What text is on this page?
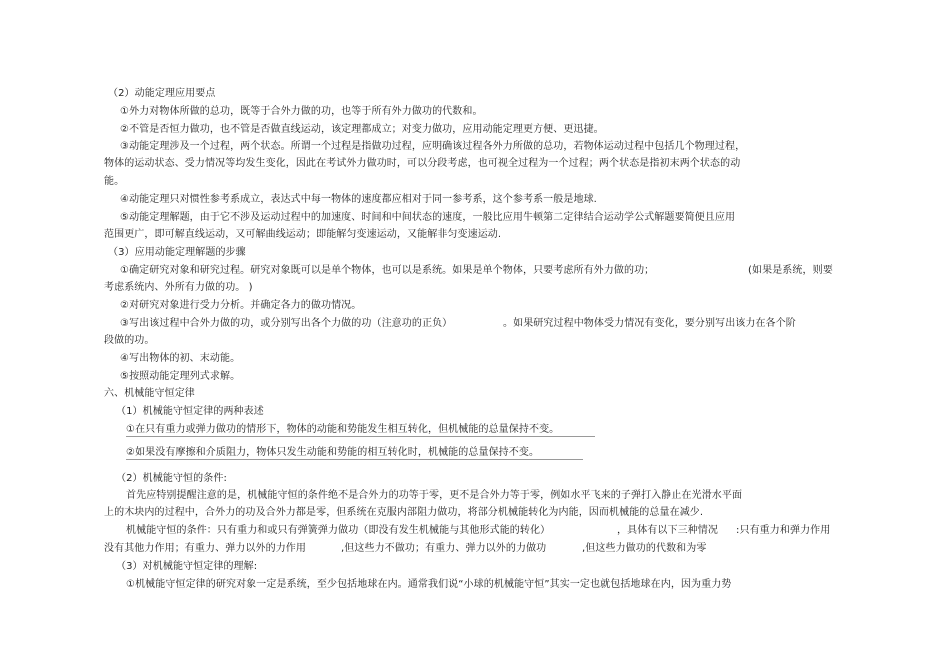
（2）动能定理应用要点
①外力对物体所做的总功，既等于合外力做的功，也等于所有外力做功的代数和。
②不管是否恒力做功，也不管是否做直线运动，该定理都成立；对变力做功，应用动能定理更方便、更迅捷。
③动能定理涉及一个过程，两个状态。所谓一个过程是指做功过程，应明确该过程各外力所做的总功，若物体运动过程中包括几个物理过程，
物体的运动状态、受力情况等均发生变化，因此在考试外力做功时，可以分段考虑，也可视全过程为一个过程；两个状态是指初末两个状态的动
能。
④动能定理只对惯性参考系成立，表达式中每一物体的速度都应相对于同一参考系，这个参考系一般是地球.
⑤动能定理解题，由于它不涉及运动过程中的加速度、时间和中间状态的速度，一般比应用牛顿第二定律结合运动学公式解题要简便且应用
范围更广，即可解直线运动，又可解曲线运动；即能解匀变速运动，又能解非匀变速运动.
（3）应用动能定理解题的步骤
①确定研究对象和研究过程。研究对象既可以是单个物体，也可以是系统。如果是单个物体，只要考虑所有外力做的功；	(如果是系统，则要
考虑系统内、外所有力做的功。 )
②对研究对象进行受力分析。并确定各力的做功情况。
③写出该过程中合外力做的功，或分别写出各个力做的功（注意功的正负）	。如果研究过程中物体受力情况有变化，要分别写出该力在各个阶
段做的功。
④写出物体的初、末动能。
⑤按照动能定理列式求解。
六、机械能守恒定律
（1）机械能守恒定律的两种表述
①在只有重力或弹力做功的情形下，物体的动能和势能发生相互转化，但机械能的总量保持不变。
②如果没有摩擦和介质阻力，物体只发生动能和势能的相互转化时，机械能的总量保持不变。
（2）机械能守恒的条件:
首先应特别提醒注意的是，机械能守恒的条件绝不是合外力的功等于零，更不是合外力等于零，例如水平飞来的子弹打入静止在光滑水平面
上的木块内的过程中，合外力的功及合外力都是零，但系统在克服内部阻力做功，将部分机械能转化为内能，因而机械能的总量在减少.
机械能守恒的条件：只有重力和或只有弹簧弹力做功（即没有发生机械能与其他形式能的转化）	，具体有以下三种情况 :只有重力和弹力作用
没有其他力作用；有重力、弹力以外的力作用	,但这些力不做功；有重力、弹力以外的力做功	,但这些力做功的代数和为零
（3）对机械能守恒定律的理解:
①机械能守恒定律的研究对象一定是系统，至少包括地球在内。通常我们说“小球的机械能守恒”其实一定也就包括地球在内，因为重力势
